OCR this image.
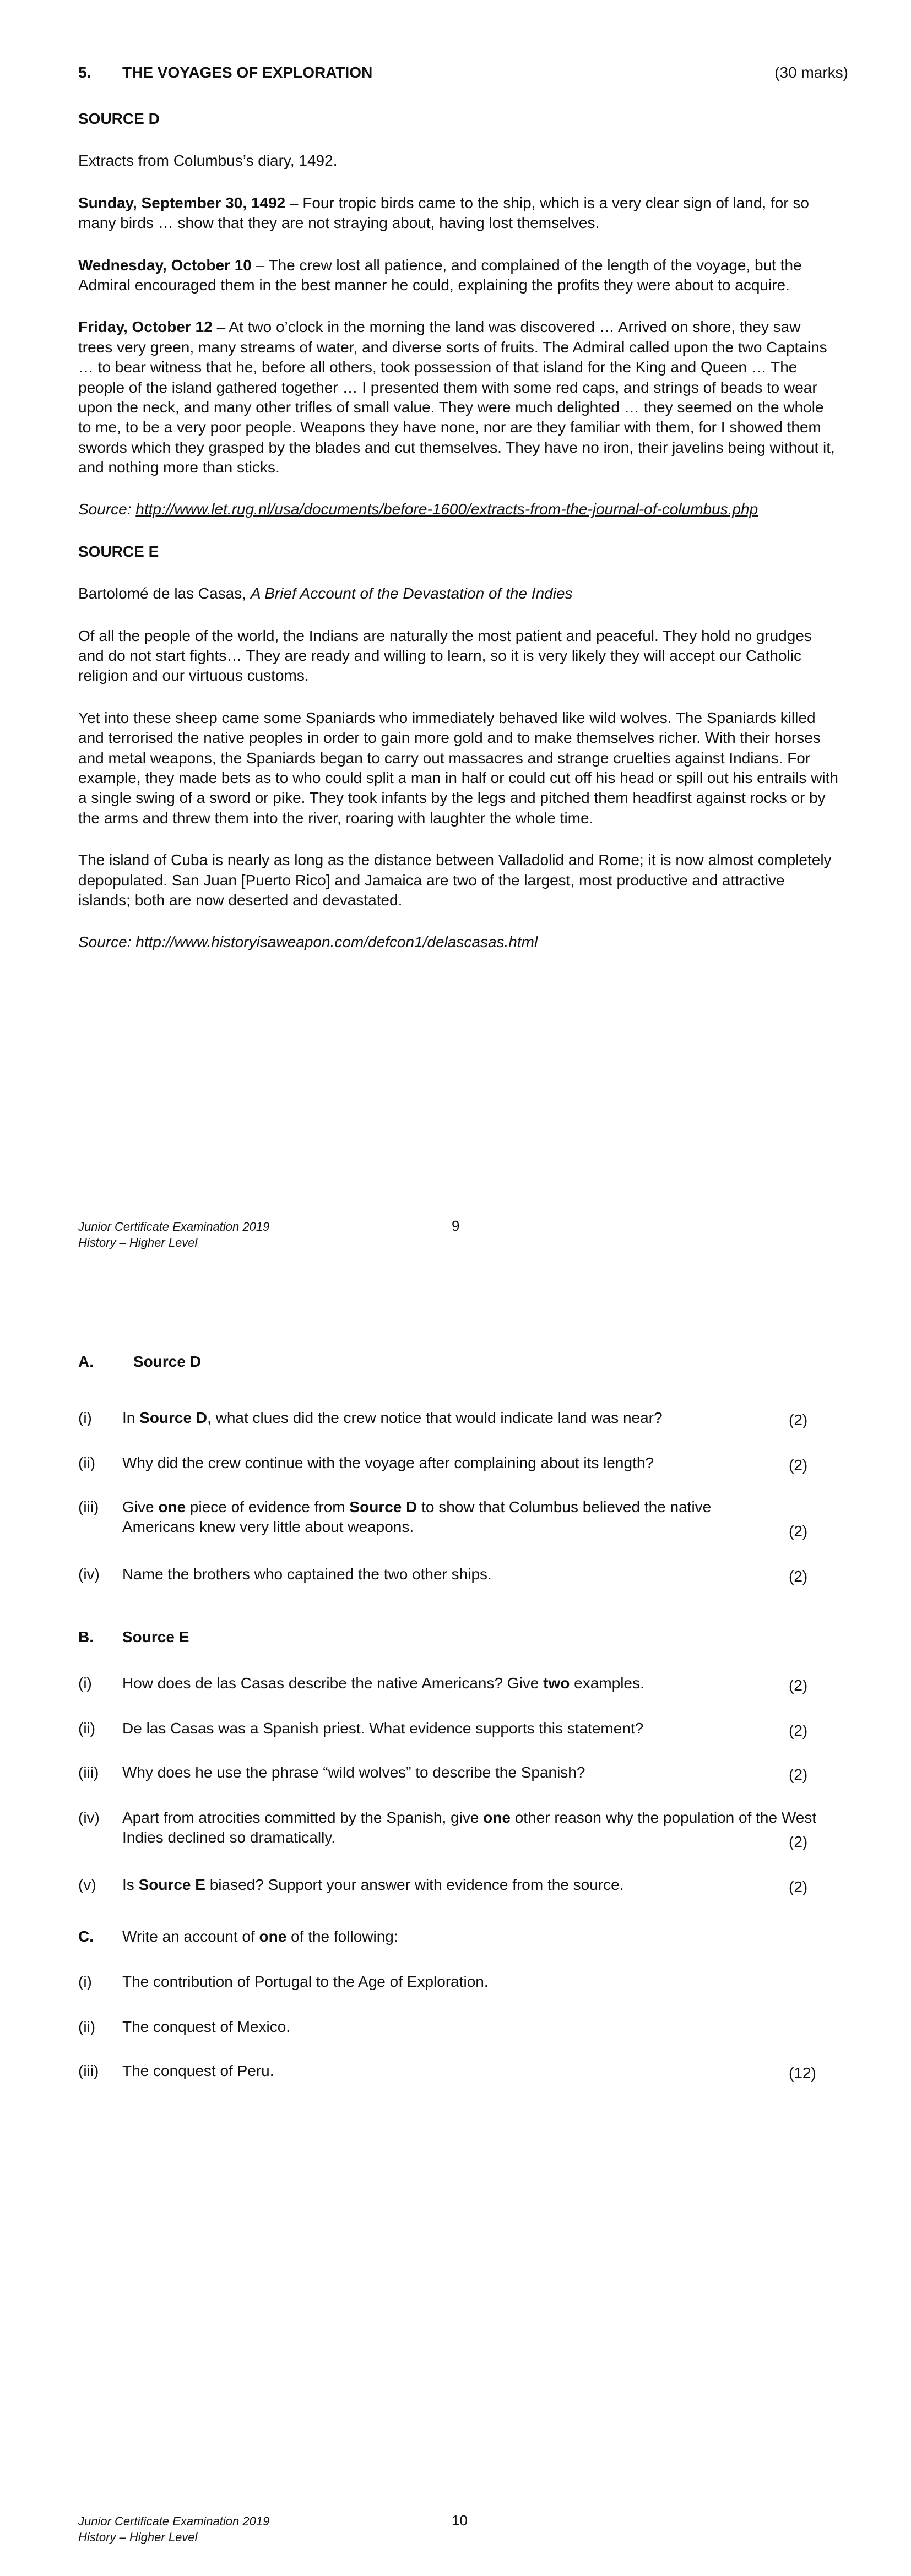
5. THE VOYAGES OF EXPLORATION	(30 marks)

SOURCE D

Extracts from Columbus’s diary, 1492.

Sunday, September 30, 1492 – Four tropic birds came to the ship, which is a very clear sign of land, for so many birds … show that they are not straying about, having lost themselves.

Wednesday, October 10 – The crew lost all patience, and complained of the length of the voyage, but the Admiral encouraged them in the best manner he could, explaining the profits they were about to acquire.

Friday, October 12 – At two o’clock in the morning the land was discovered … Arrived on shore, they saw trees very green, many streams of water, and diverse sorts of fruits. The Admiral called upon the two Captains … to bear witness that he, before all others, took possession of that island for the King and Queen … The people of the island gathered together … I presented them with some red caps, and strings of beads to wear upon the neck, and many other trifles of small value. They were much delighted … they seemed on the whole to me, to be a very poor people. Weapons they have none, nor are they familiar with them, for I showed them swords which they grasped by the blades and cut themselves. They have no iron, their javelins being without it, and nothing more than sticks.

Source: http://www.let.rug.nl/usa/documents/before-1600/extracts-from-the-journal-of-columbus.php

SOURCE E

Bartolomé de las Casas, A Brief Account of the Devastation of the Indies

Of all the people of the world, the Indians are naturally the most patient and peaceful. They hold no grudges and do not start fights… They are ready and willing to learn, so it is very likely they will accept our Catholic religion and our virtuous customs.

Yet into these sheep came some Spaniards who immediately behaved like wild wolves. The Spaniards killed and terrorised the native peoples in order to gain more gold and to make themselves richer. With their horses and metal weapons, the Spaniards began to carry out massacres and strange cruelties against Indians. For example, they made bets as to who could split a man in half or could cut off his head or spill out his entrails with a single swing of a sword or pike. They took infants by the legs and pitched them headfirst against rocks or by the arms and threw them into the river, roaring with laughter the whole time.

The island of Cuba is nearly as long as the distance between Valladolid and Rome; it is now almost completely depopulated. San Juan [Puerto Rico] and Jamaica are two of the largest, most productive and attractive islands; both are now deserted and devastated.

Source: http://www.historyisaweapon.com/defcon1/delascasas.html

Junior Certificate Examination 2019
History – Higher Level
9
A.	Source D
(i) In Source D, what clues did the crew notice that would indicate land was near?	(2)
(ii) Why did the crew continue with the voyage after complaining about its length?	(2)
(iii) Give one piece of evidence from Source D to show that Columbus believed the native Americans knew very little about weapons.	(2)
(iv) Name the brothers who captained the two other ships.	(2)
B. Source E
(i) How does de las Casas describe the native Americans? Give two examples.	(2)
(ii) De las Casas was a Spanish priest. What evidence supports this statement?	(2)
(iii) Why does he use the phrase “wild wolves” to describe the Spanish?	(2)
(iv) Apart from atrocities committed by the Spanish, give one other reason why the population of the West Indies declined so dramatically.	(2)
(v) Is Source E biased? Support your answer with evidence from the source.	(2)
C. Write an account of one of the following:
(i) The contribution of Portugal to the Age of Exploration.
(ii) The conquest of Mexico.
(iii) The conquest of Peru.	(12)
Junior Certificate Examination 2019
History – Higher Level
10
